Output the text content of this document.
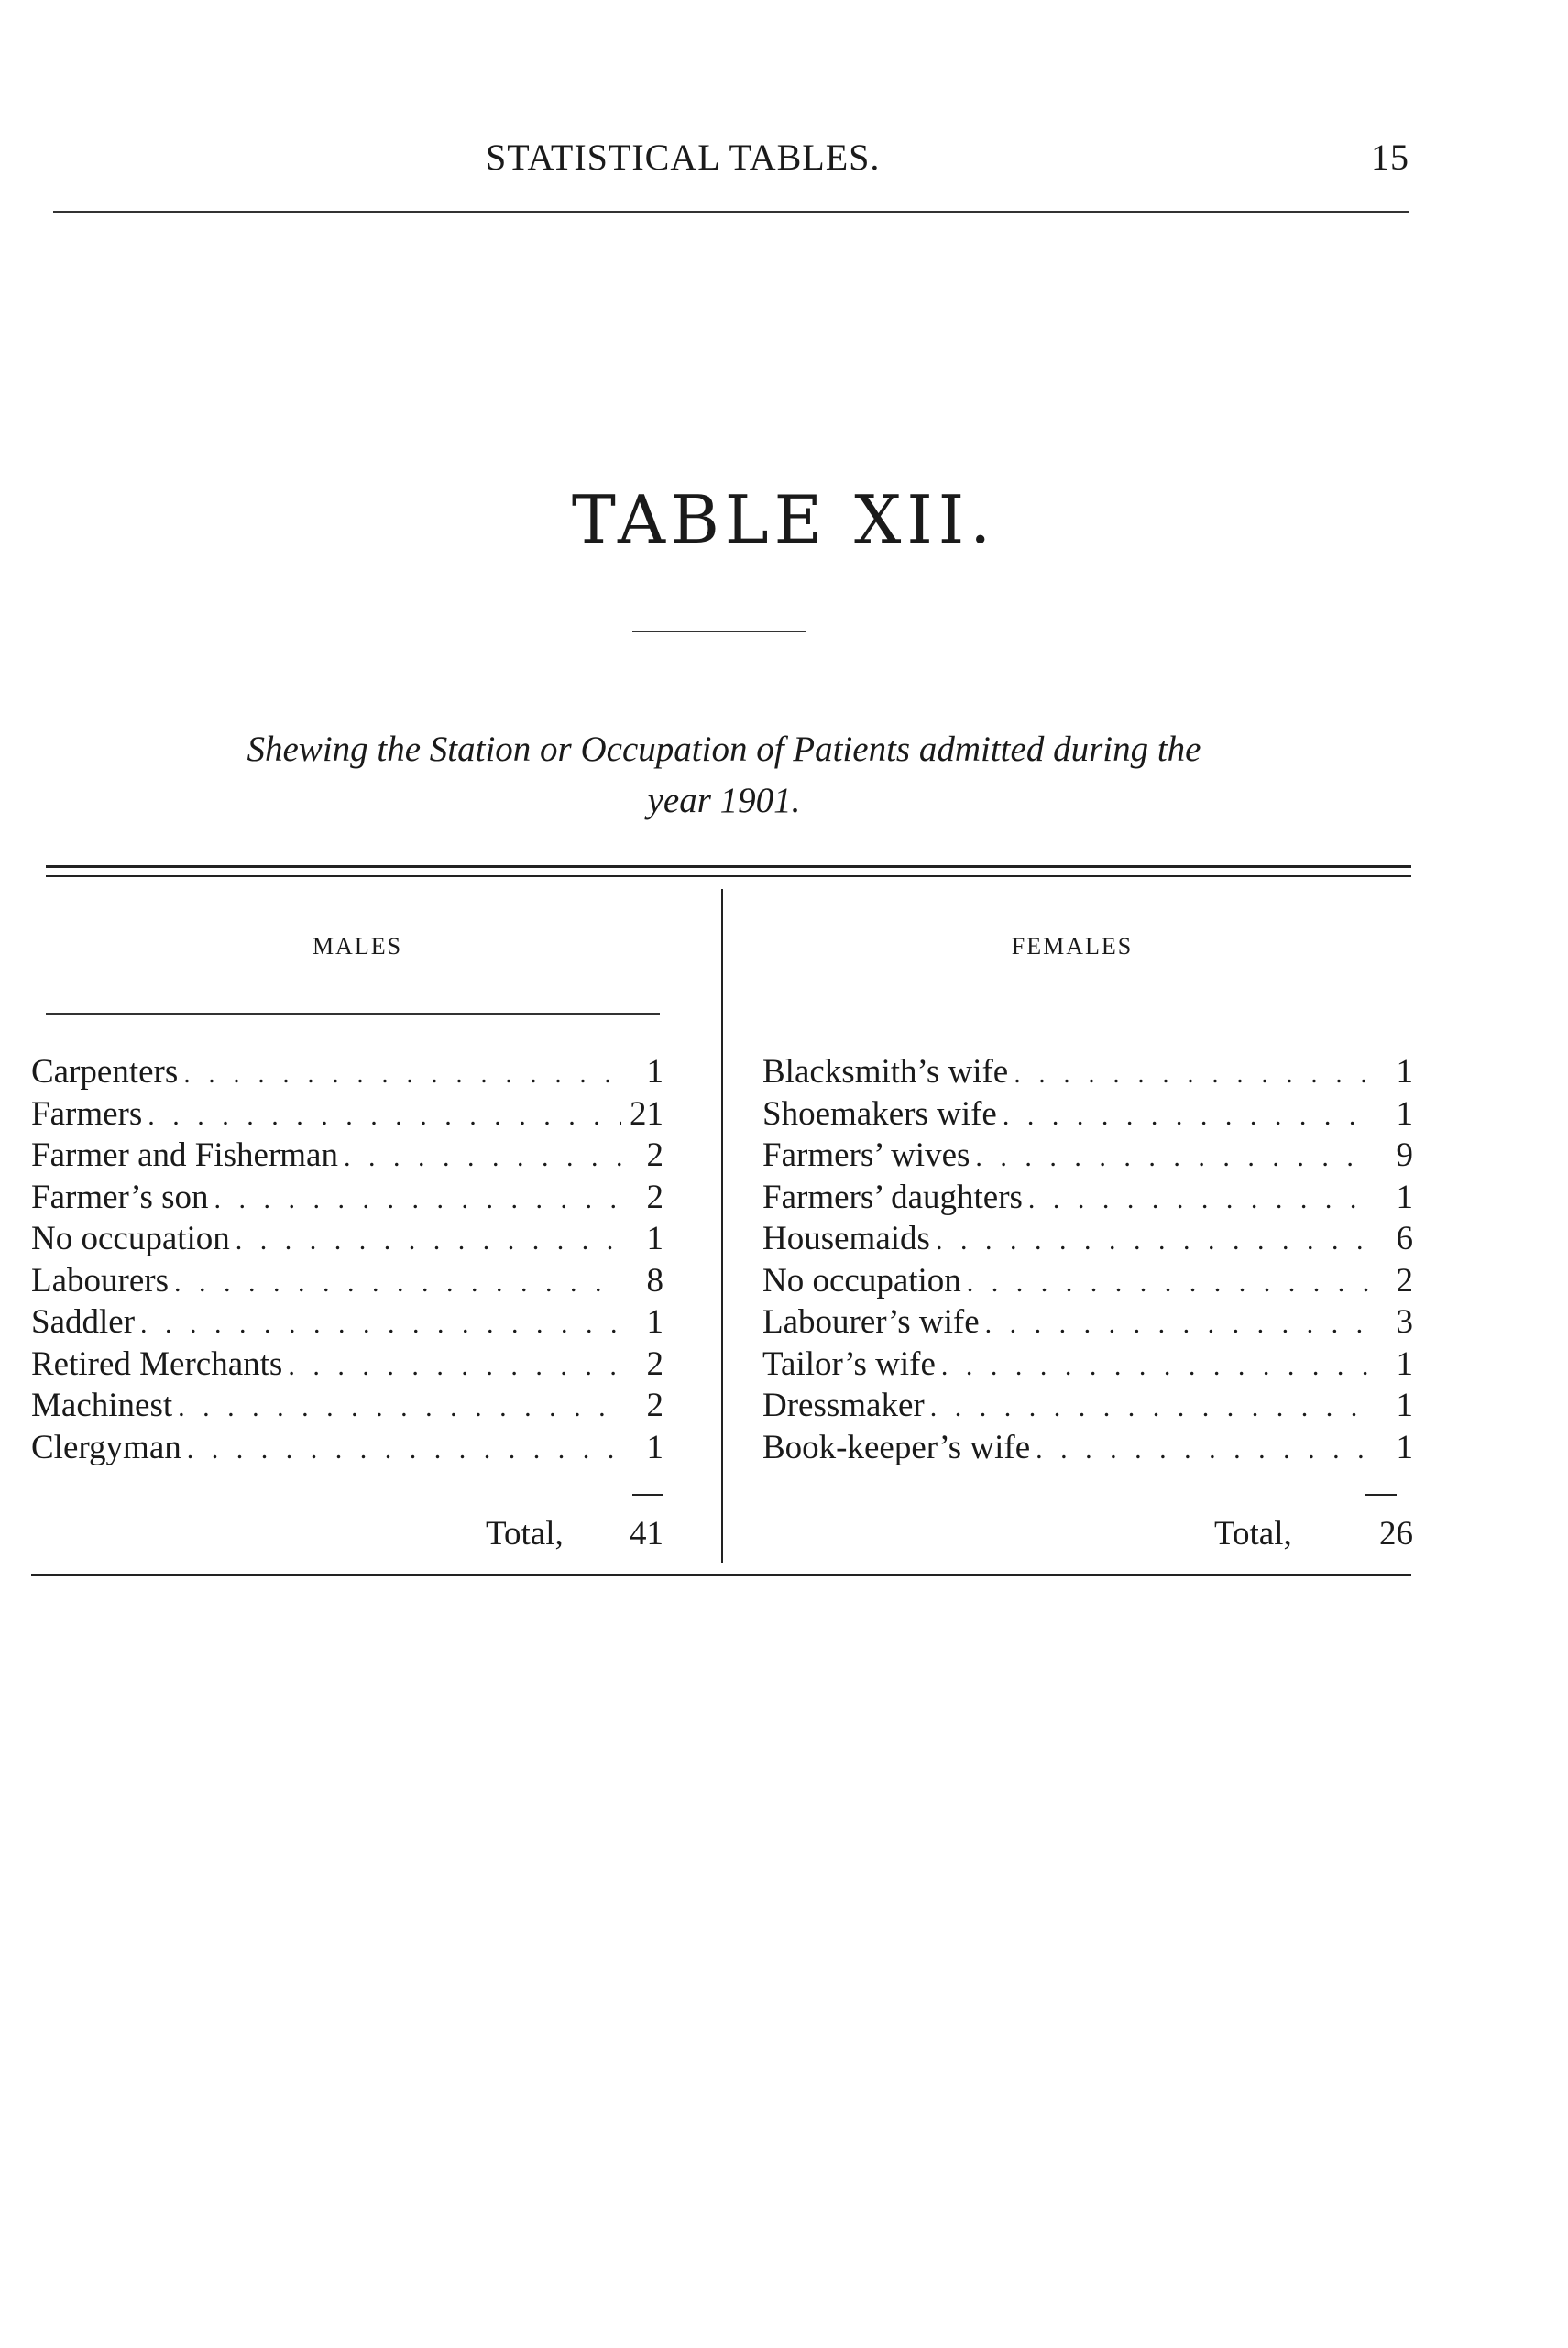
STATISTICAL TABLES.	15
TABLE XII.
Shewing the Station or Occupation of Patients admitted during the
year 1901.
MALES	FEMALES
Carpenters . . .	1
Farmers . . .	21
Farmer and Fisherman . . .	2
Farmer’s son . . .	2
No occupation . . .	1
Labourers . . .	8
Saddler . . .	1
Retired Merchants . . .	2
Machinest . . .	2
Clergyman . . .	1
Blacksmith’s wife . . .	1
Shoemakers wife . . .	1
Farmers’ wives . . .	9
Farmers’ daughters . . .	1
Housemaids . . .	6
No occupation . . .	2
Labourer’s wife . . .	3
Tailor’s wife . . .	1
Dressmaker . . .	1
Book-keeper’s wife . . .	1
Total, 41	Total,	26
